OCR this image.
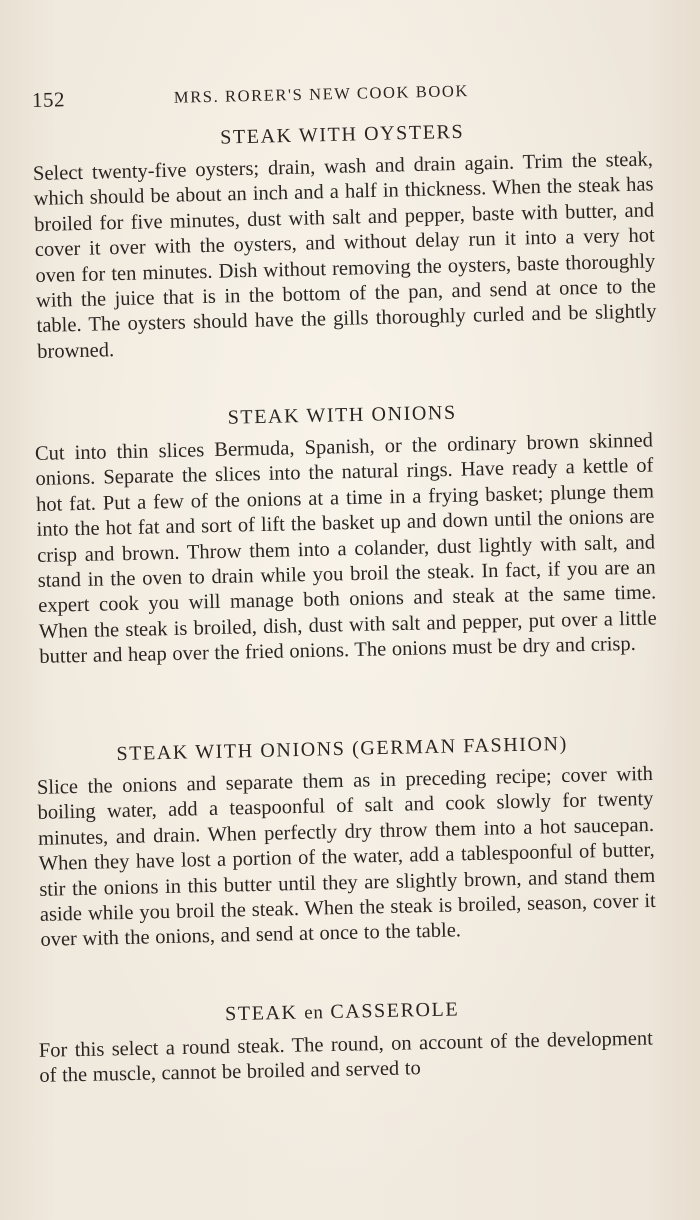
152	MRS. RORER'S NEW COOK BOOK
STEAK WITH OYSTERS

Select twenty-five oysters; drain, wash and drain again. Trim the steak, which should be about an inch and a half in thickness. When the steak has broiled for five minutes, dust with salt and pepper, baste with butter, and cover it over with the oysters, and without delay run it into a very hot oven for ten minutes. Dish without removing the oysters, baste thoroughly with the juice that is in the bottom of the pan, and send at once to the table. The oysters should have the gills thoroughly curled and be slightly browned.

STEAK WITH ONIONS

Cut into thin slices Bermuda, Spanish, or the ordinary brown skinned onions. Separate the slices into the natural rings. Have ready a kettle of hot fat. Put a few of the onions at a time in a frying basket; plunge them into the hot fat and sort of lift the basket up and down until the onions are crisp and brown. Throw them into a colander, dust lightly with salt, and stand in the oven to drain while you broil the steak. In fact, if you are an expert cook you will manage both onions and steak at the same time. When the steak is broiled, dish, dust with salt and pepper, put over a little butter and heap over the fried onions. The onions must be dry and crisp.

STEAK WITH ONIONS (GERMAN FASHION)

Slice the onions and separate them as in preceding recipe; cover with boiling water, add a teaspoonful of salt and cook slowly for twenty minutes, and drain. When perfectly dry throw them into a hot saucepan. When they have lost a portion of the water, add a tablespoonful of butter, stir the onions in this butter until they are slightly brown, and stand them aside while you broil the steak. When the steak is broiled, season, cover it over with the onions, and send at once to the table.

STEAK en CASSEROLE

For this select a round steak. The round, on account of the development of the muscle, cannot be broiled and served to
